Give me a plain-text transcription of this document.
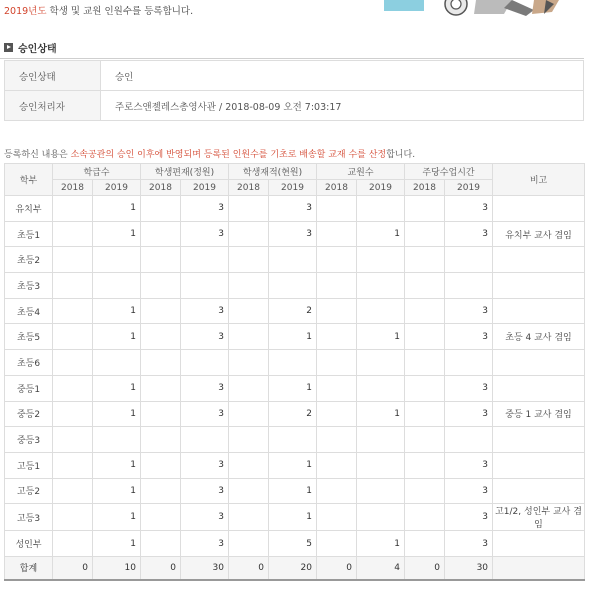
2019년도 학생 및 교원 인원수를 등록합니다.
승인상태
승인상태	승인
승인처리자	주로스앤젤레스총영사관 / 2018-08-09 오전 7:03:17
등록하신 내용은 소속공관의 승인 이후에 반영되며 등록된 인원수를 기초로 배송할 교재 수를 산정합니다.
학부	학급수		학생편재(정원)		학생재적(현원)		교원수		주당수업시간		비고
	2018	2019	2018	2019	2018	2019	2018	2019	2018	2019	
유치부		1		3		3				3	
초등1		1		3		3		1		3	유치부 교사 겸임
초등2											
초등3											
초등4		1		3		2				3	
초등5		1		3		1		1		3	초등 4 교사 겸임
초등6											
중등1		1		3		1				3	
중등2		1		3		2		1		3	중등 1 교사 겸임
중등3											
고등1		1		3		1				3	
고등2		1		3		1				3	
고등3		1		3		1				3	고1/2, 성인부 교사 겸임
성인부		1		3		5		1		3	
합계	0	10	0	30	0	20	0	4	0	30	
